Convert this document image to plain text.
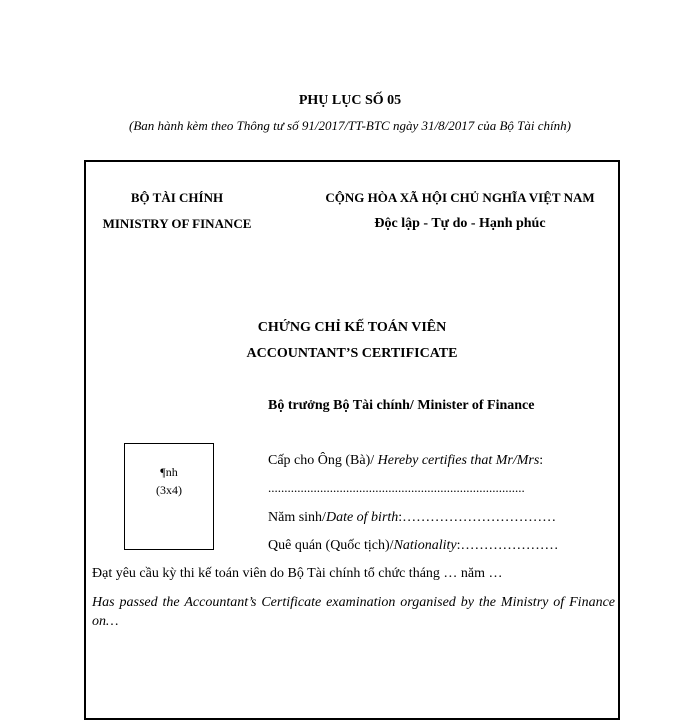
PHỤ LỤC SỐ 05
(Ban hành kèm theo Thông tư số 91/2017/TT-BTC ngày 31/8/2017 của Bộ Tài chính)
BỘ TÀI CHÍNH
MINISTRY OF FINANCE
CỘNG HÒA XÃ HỘI CHỦ NGHĨA VIỆT NAM
Độc lập - Tự do - Hạnh phúc
CHỨNG CHỈ KẾ TOÁN VIÊN
ACCOUNTANT’S CERTIFICATE
Bộ trưởng Bộ Tài chính/ Minister of Finance
¶nh
(3x4)
Cấp cho Ông (Bà)/ Hereby certifies that Mr/Mrs:
...............................................................................
Năm sinh/Date of birth:……………………………
Quê quán (Quốc tịch)/Nationality:…………………
Đạt yêu cầu kỳ thi kế toán viên do Bộ Tài chính tổ chức tháng … năm …
Has passed the Accountant’s Certificate examination organised by the Ministry of Finance on…
